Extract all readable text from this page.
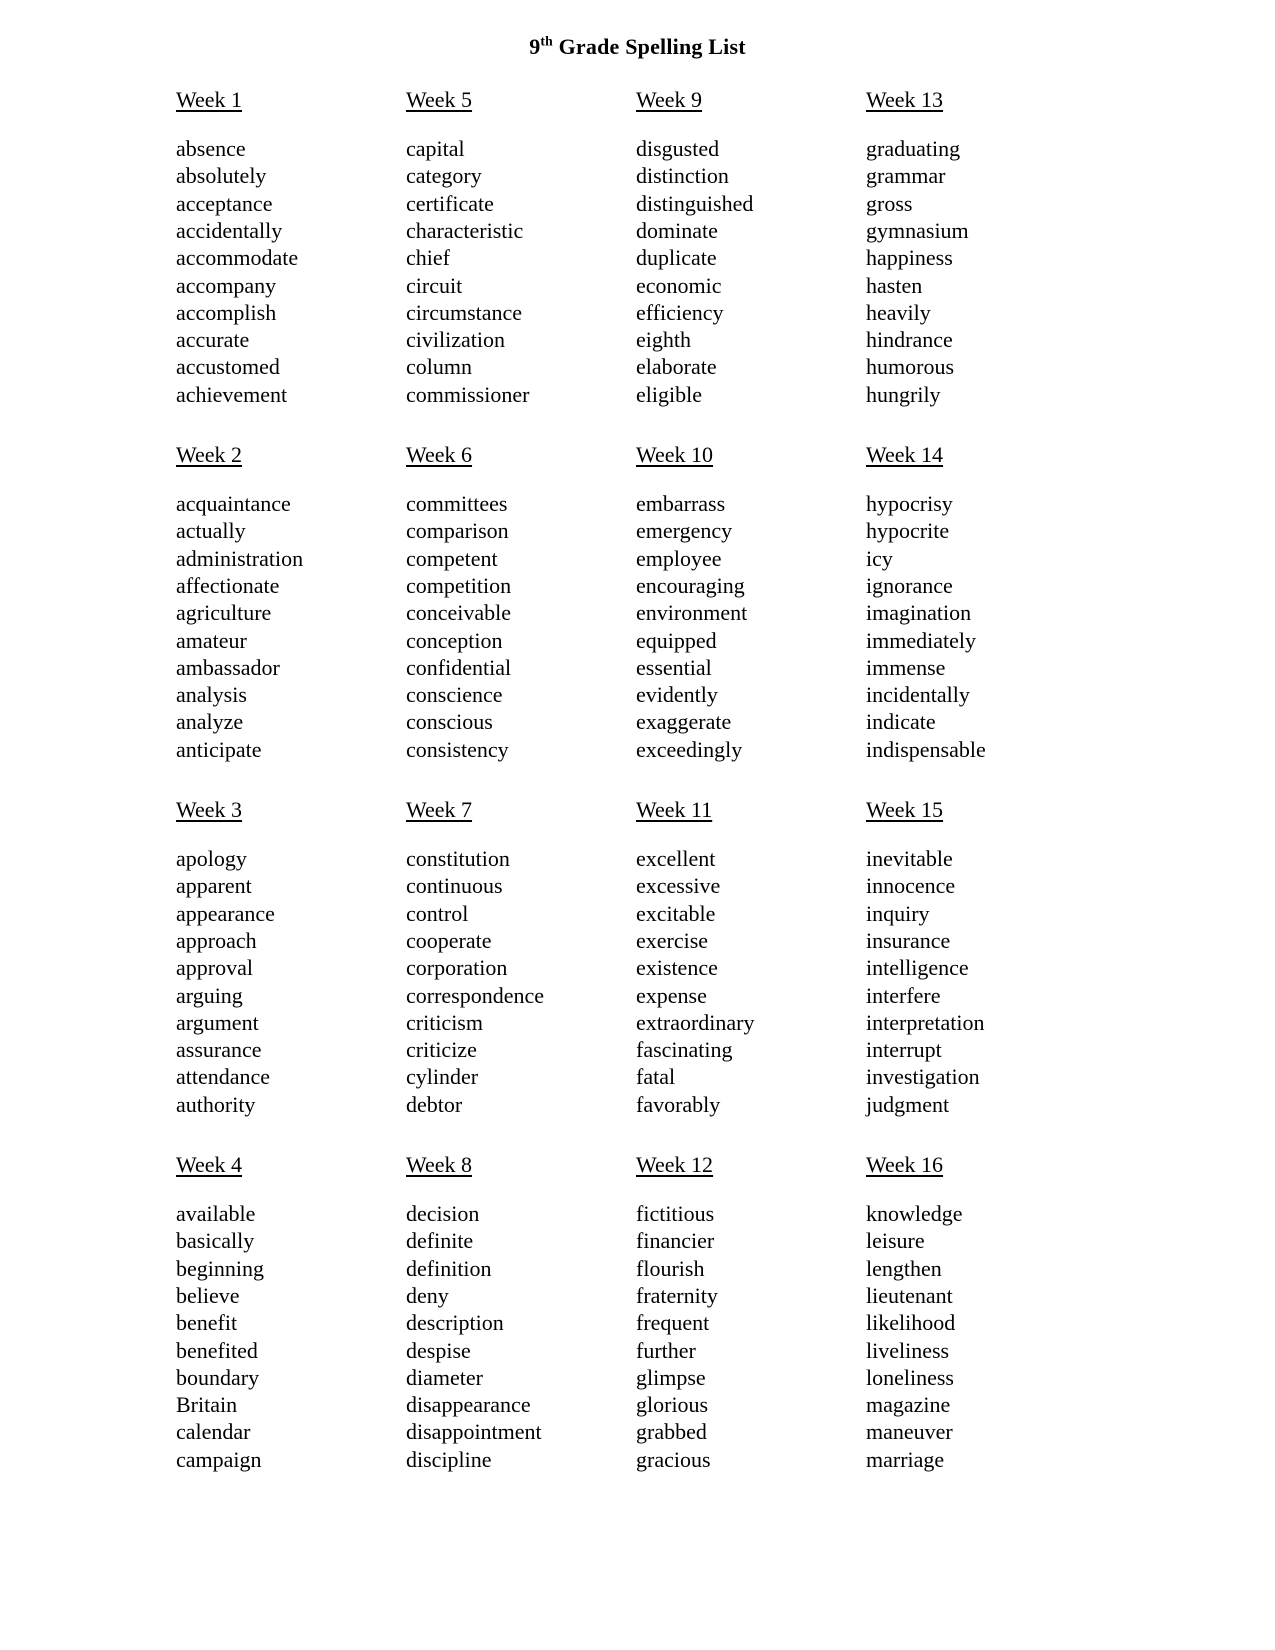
9th Grade Spelling List
Week 1
absence
absolutely
acceptance
accidentally
accommodate
accompany
accomplish
accurate
accustomed
achievement
Week 5
capital
category
certificate
characteristic
chief
circuit
circumstance
civilization
column
commissioner
Week 9
disgusted
distinction
distinguished
dominate
duplicate
economic
efficiency
eighth
elaborate
eligible
Week 13
graduating
grammar
gross
gymnasium
happiness
hasten
heavily
hindrance
humorous
hungrily
Week 2
acquaintance
actually
administration
affectionate
agriculture
amateur
ambassador
analysis
analyze
anticipate
Week 6
committees
comparison
competent
competition
conceivable
conception
confidential
conscience
conscious
consistency
Week 10
embarrass
emergency
employee
encouraging
environment
equipped
essential
evidently
exaggerate
exceedingly
Week 14
hypocrisy
hypocrite
icy
ignorance
imagination
immediately
immense
incidentally
indicate
indispensable
Week 3
apology
apparent
appearance
approach
approval
arguing
argument
assurance
attendance
authority
Week 7
constitution
continuous
control
cooperate
corporation
correspondence
criticism
criticize
cylinder
debtor
Week 11
excellent
excessive
excitable
exercise
existence
expense
extraordinary
fascinating
fatal
favorably
Week 15
inevitable
innocence
inquiry
insurance
intelligence
interfere
interpretation
interrupt
investigation
judgment
Week 4
available
basically
beginning
believe
benefit
benefited
boundary
Britain
calendar
campaign
Week 8
decision
definite
definition
deny
description
despise
diameter
disappearance
disappointment
discipline
Week 12
fictitious
financier
flourish
fraternity
frequent
further
glimpse
glorious
grabbed
gracious
Week 16
knowledge
leisure
lengthen
lieutenant
likelihood
liveliness
loneliness
magazine
maneuver
marriage
